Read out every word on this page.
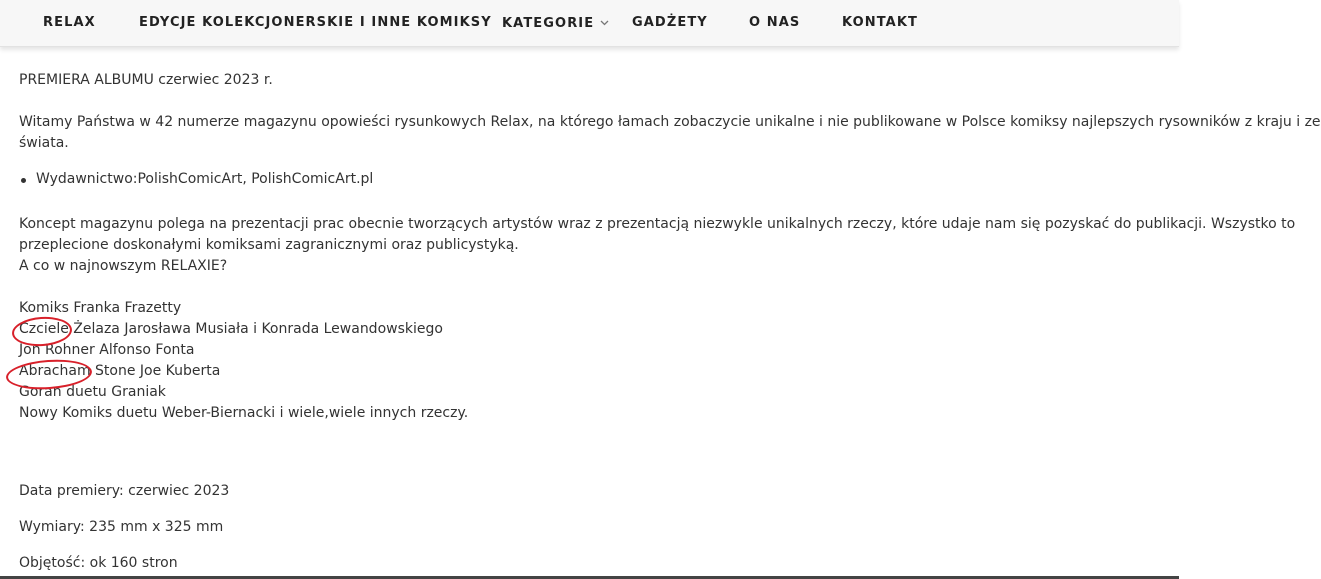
RELAX	EDYCJE KOLEKCJONERSKIE I INNE KOMIKSY KATEGORIE	GADŻETY	O NAS	KONTAKT
PREMIERA ALBUMU czerwiec 2023 r.
Witamy Państwa w 42 numerze magazynu opowieści rysunkowych Relax, na którego łamach zobaczycie unikalne i nie publikowane w Polsce komiksy najlepszych rysowników z kraju i ze
świata.
Wydawnictwo:PolishComicArt, PolishComicArt.pl
Koncept magazynu polega na prezentacji prac obecnie tworzących artystów wraz z prezentacją niezwykle unikalnych rzeczy, które udaje nam się pozyskać do publikacji. Wszystko to
przeplecione doskonałymi komiksami zagranicznymi oraz publicystyką.
A co w najnowszym RELAXIE?
Komiks Franka Frazetty
Czciele Żelaza Jarosława Musiała i Konrada Lewandowskiego
Jon Rohner Alfonso Fonta
Abracham Stone Joe Kuberta
Goran duetu Graniak
Nowy Komiks duetu Weber-Biernacki i wiele,wiele innych rzeczy.
Data premiery: czerwiec 2023
Wymiary: 235 mm x 325 mm
Objętość: ok 160 stron
